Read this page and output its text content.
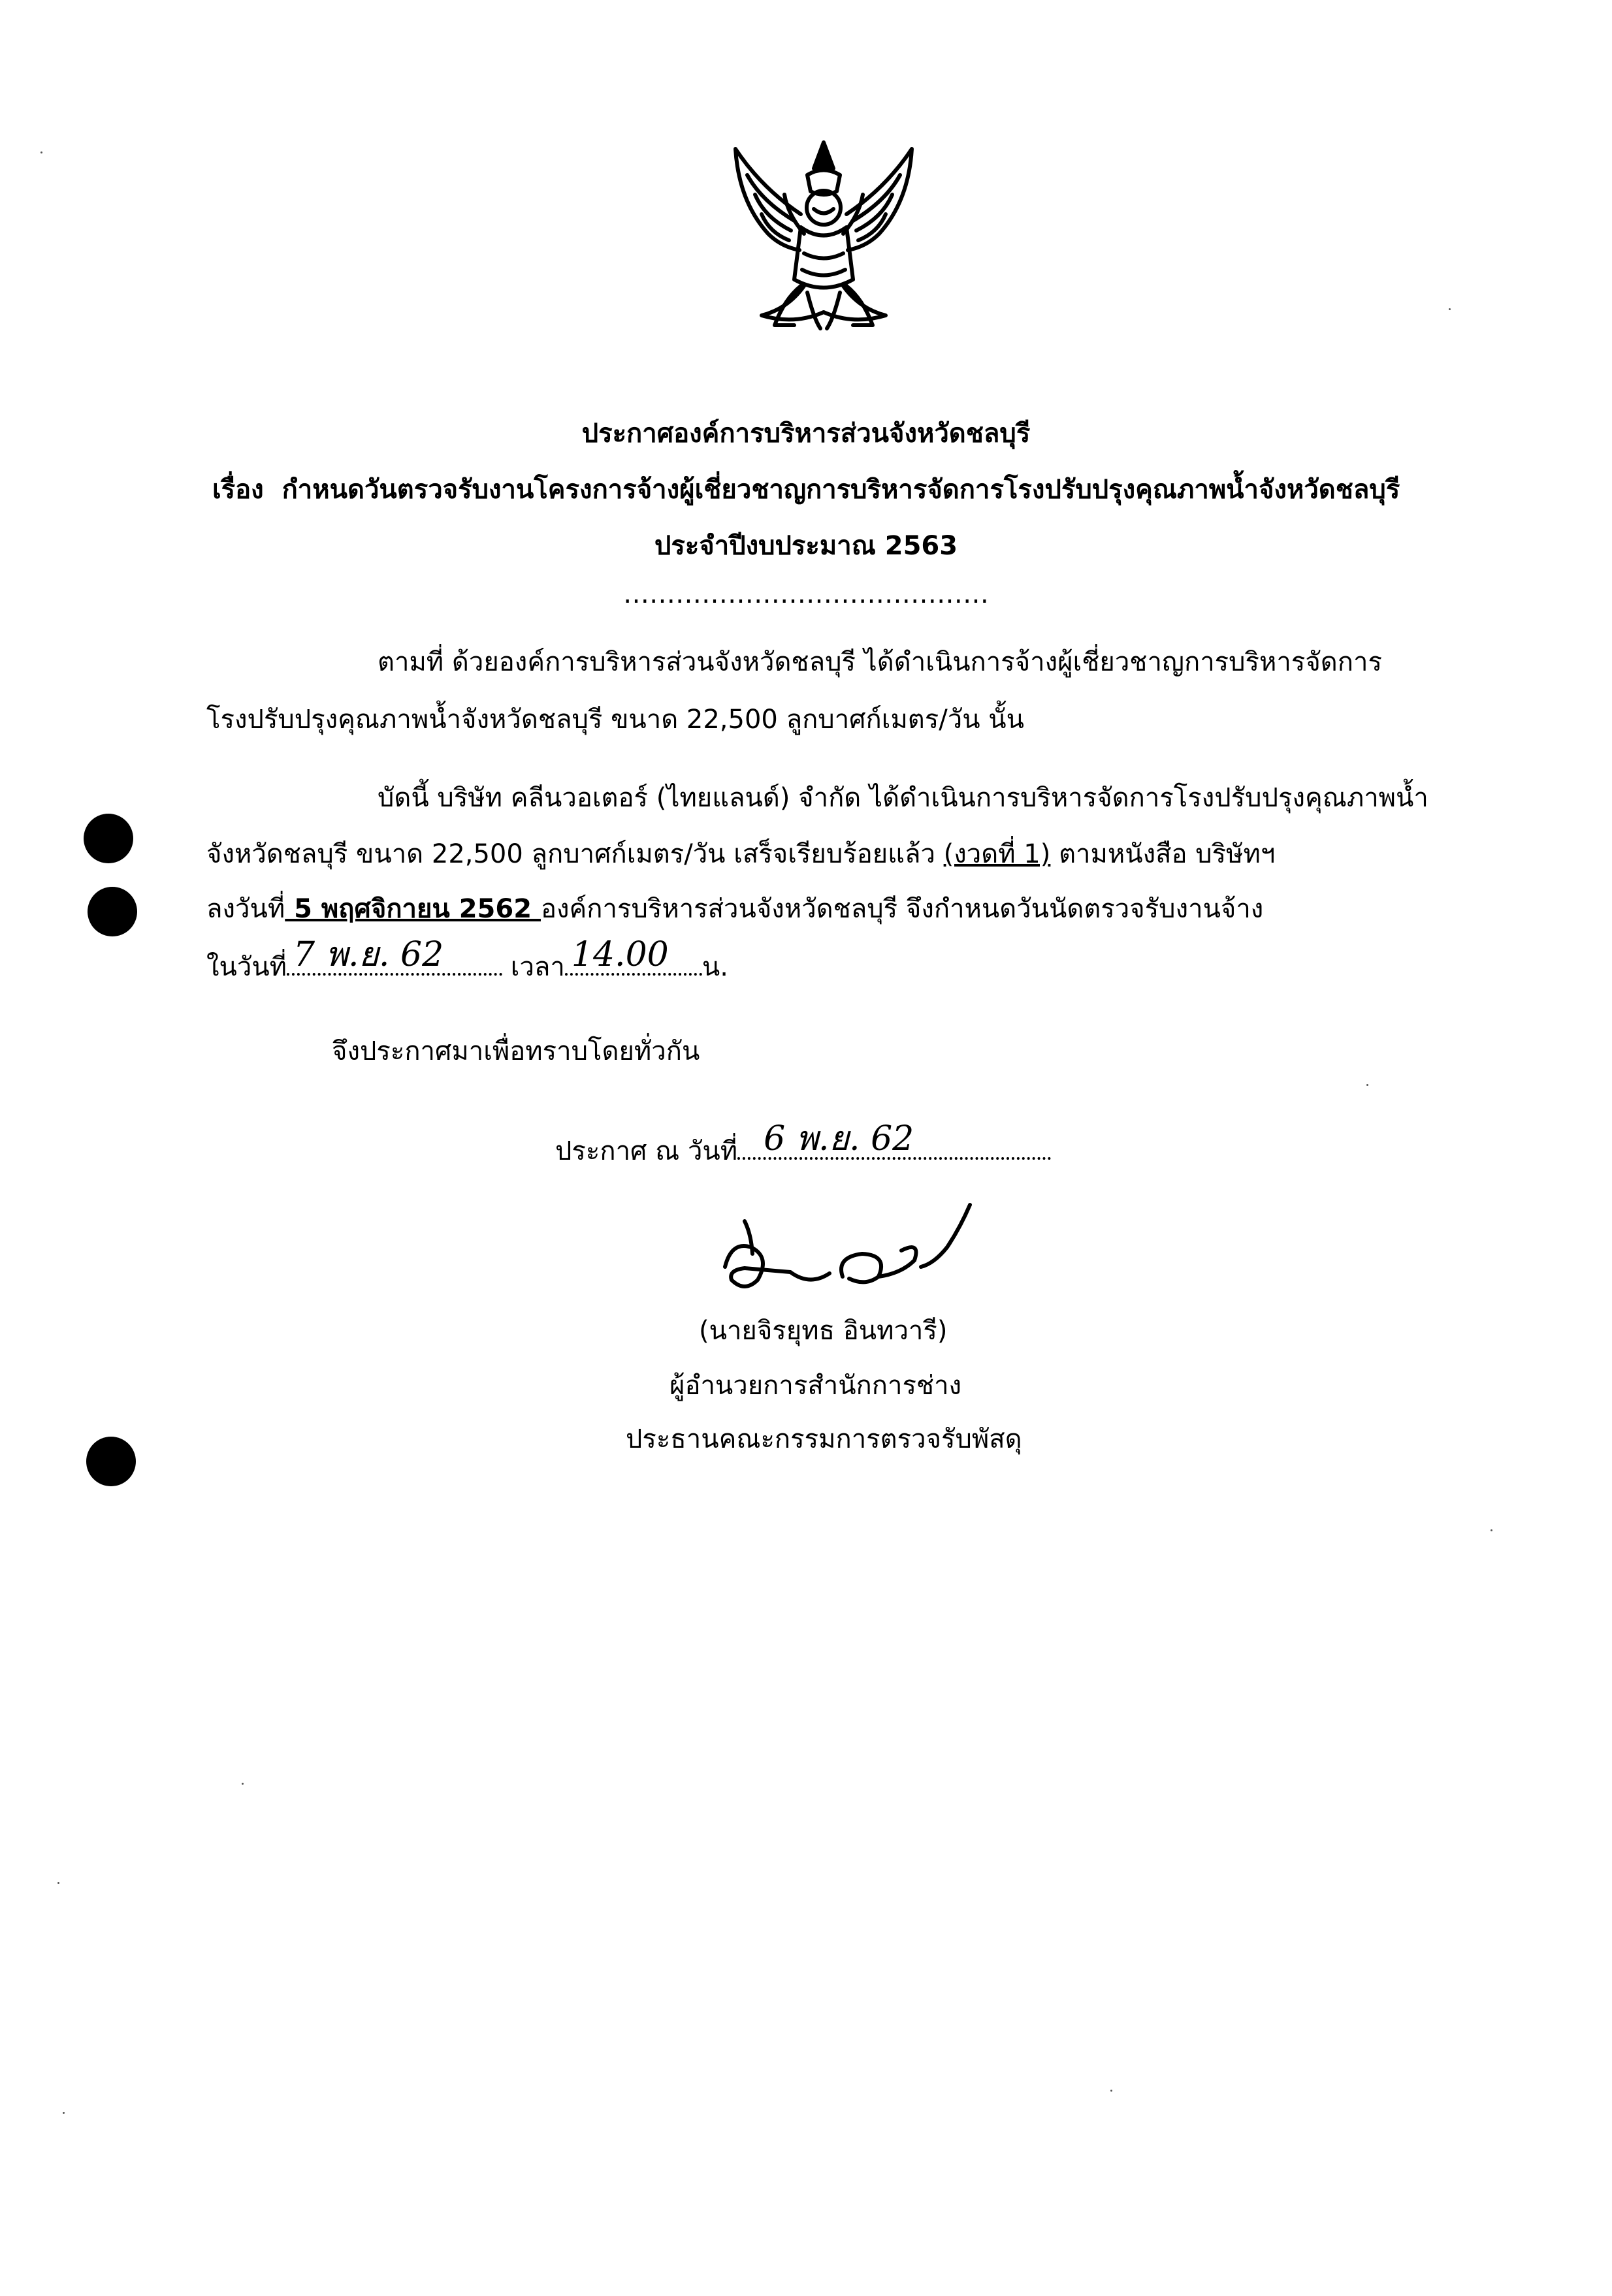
ประกาศองค์การบริหารส่วนจังหวัดชลบุรี
เรื่อง กำหนดวันตรวจรับงานโครงการจ้างผู้เชี่ยวชาญการบริหารจัดการโรงปรับปรุงคุณภาพน้ำจังหวัดชลบุรี
ประจำปีงบประมาณ 2563
……………………………………
ตามที่ ด้วยองค์การบริหารส่วนจังหวัดชลบุรี ได้ดำเนินการจ้างผู้เชี่ยวชาญการบริหารจัดการ
โรงปรับปรุงคุณภาพน้ำจังหวัดชลบุรี ขนาด 22,500 ลูกบาศก์เมตร/วัน นั้น
บัดนี้ บริษัท คลีนวอเตอร์ (ไทยแลนด์) จำกัด ได้ดำเนินการบริหารจัดการโรงปรับปรุงคุณภาพน้ำ
จังหวัดชลบุรี ขนาด 22,500 ลูกบาศก์เมตร/วัน เสร็จเรียบร้อยแล้ว (งวดที่ 1) ตามหนังสือ บริษัทฯ
ลงวันที่ 5 พฤศจิกายน 2562 องค์การบริหารส่วนจังหวัดชลบุรี จึงกำหนดวันนัดตรวจรับงานจ้าง
ในวันที่ 7 พ.ย. 62	เวลา 14.00 น.
จึงประกาศมาเพื่อทราบโดยทั่วกัน
ประกาศ ณ วันที่ 6 พ.ย. 62
(นายจิรยุทธ อินทวารี)
ผู้อำนวยการสำนักการช่าง
ประธานคณะกรรมการตรวจรับพัสดุ
